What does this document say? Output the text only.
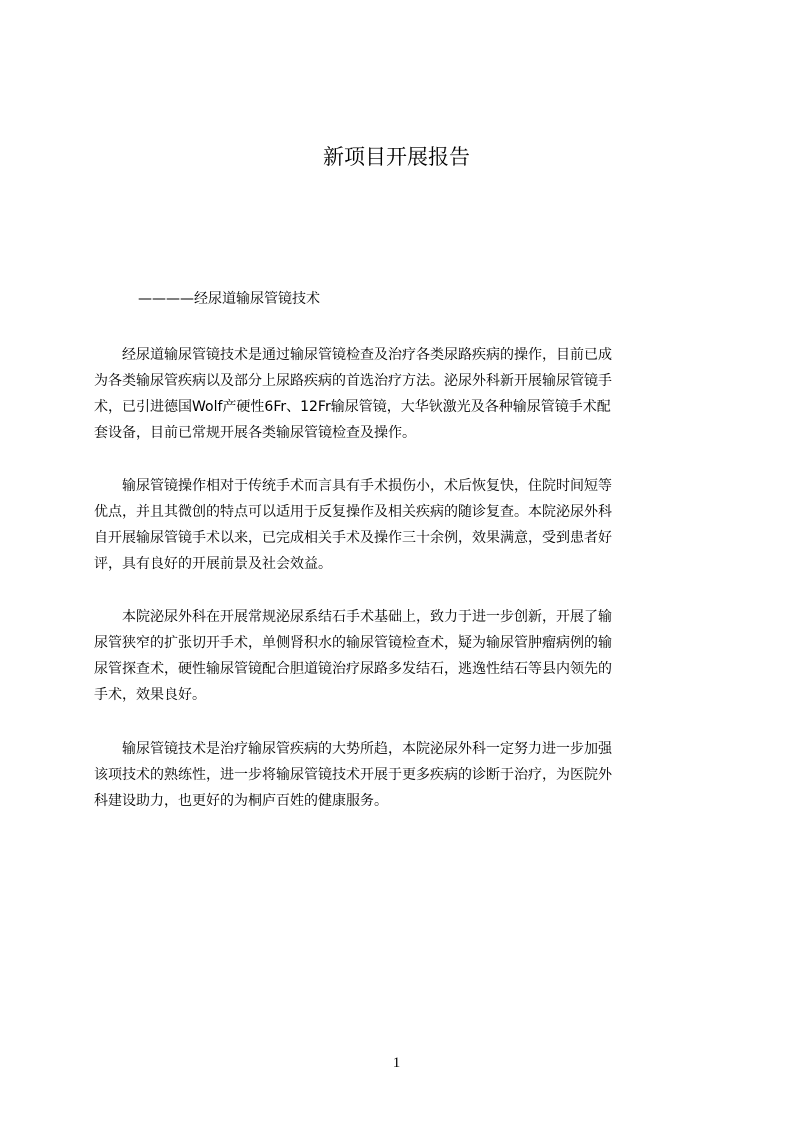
新项目开展报告
————经尿道输尿管镜技术

　　经尿道输尿管镜技术是通过输尿管镜检查及治疗各类尿路疾病的操作，目前已成

为各类输尿管疾病以及部分上尿路疾病的首选治疗方法。泌尿外科新开展输尿管镜手

术，已引进德国Wolf产硬性6Fr、12Fr输尿管镜，大华钬激光及各种输尿管镜手术配

套设备，目前已常规开展各类输尿管镜检查及操作。

　　输尿管镜操作相对于传统手术而言具有手术损伤小，术后恢复快，住院时间短等

优点，并且其微创的特点可以适用于反复操作及相关疾病的随诊复查。本院泌尿外科

自开展输尿管镜手术以来，已完成相关手术及操作三十余例，效果满意，受到患者好

评，具有良好的开展前景及社会效益。

　　本院泌尿外科在开展常规泌尿系结石手术基础上，致力于进一步创新，开展了输

尿管狭窄的扩张切开手术，单侧肾积水的输尿管镜检查术，疑为输尿管肿瘤病例的输

尿管探查术，硬性输尿管镜配合胆道镜治疗尿路多发结石，逃逸性结石等县内领先的

手术，效果良好。

　　输尿管镜技术是治疗输尿管疾病的大势所趋，本院泌尿外科一定努力进一步加强

该项技术的熟练性，进一步将输尿管镜技术开展于更多疾病的诊断于治疗，为医院外

科建设助力，也更好的为桐庐百姓的健康服务。

1
